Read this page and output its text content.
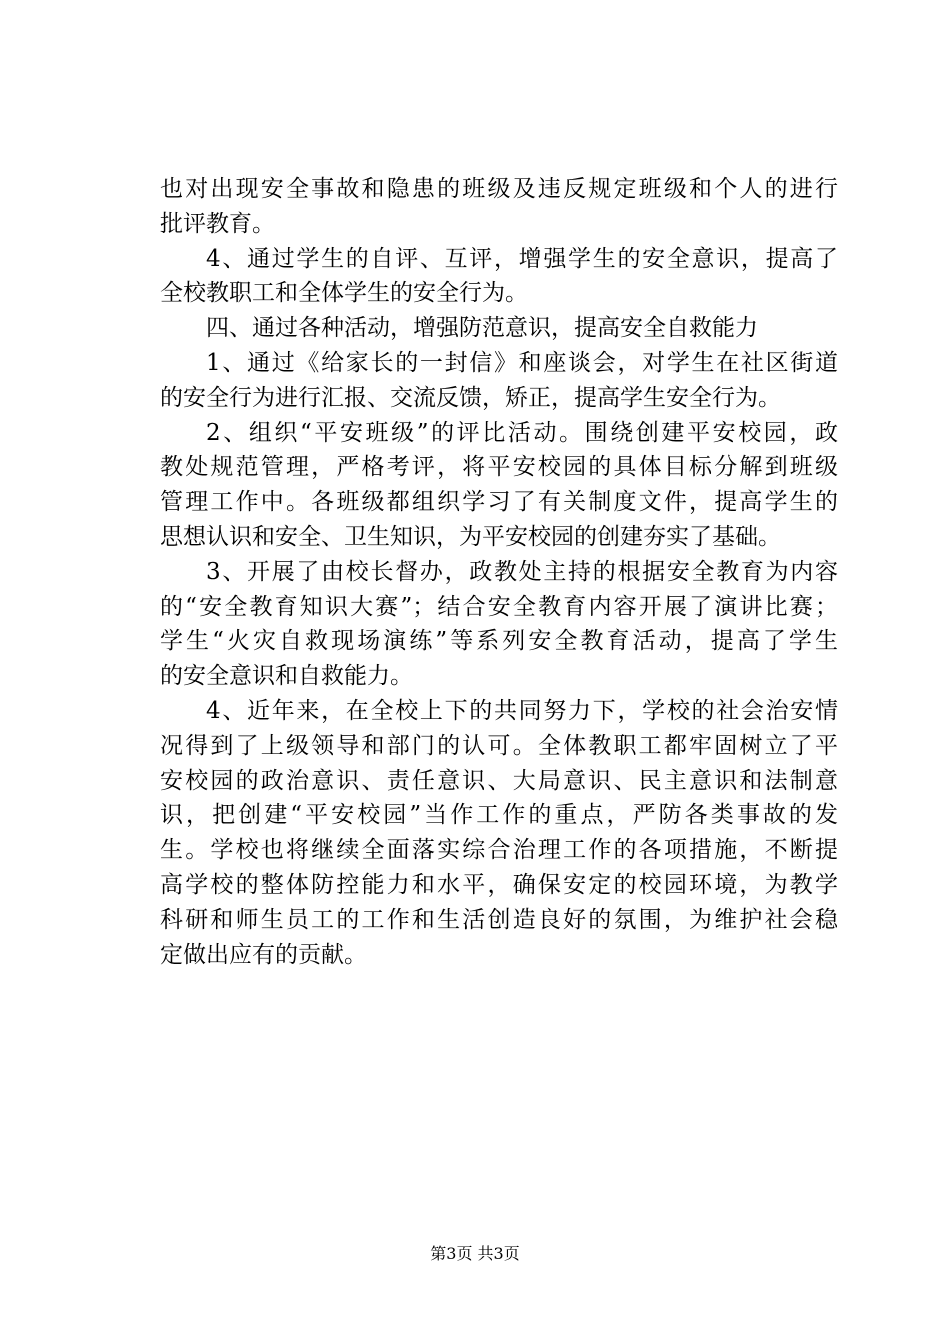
也对出现安全事故和隐患的班级及违反规定班级和个人的进行
批评教育。
4、通过学生的自评、互评，增强学生的安全意识，提高了
全校教职工和全体学生的安全行为。
四、通过各种活动，增强防范意识，提高安全自救能力
1、通过《给家长的一封信》和座谈会，对学生在社区街道
的安全行为进行汇报、交流反馈，矫正，提高学生安全行为。
2、组织“平安班级”的评比活动。围绕创建平安校园，政
教处规范管理，严格考评，将平安校园的具体目标分解到班级
管理工作中。各班级都组织学习了有关制度文件，提高学生的
思想认识和安全、卫生知识，为平安校园的创建夯实了基础。
3、开展了由校长督办，政教处主持的根据安全教育为内容
的“安全教育知识大赛”；结合安全教育内容开展了演讲比赛；
学生“火灾自救现场演练”等系列安全教育活动，提高了学生
的安全意识和自救能力。
4、近年来，在全校上下的共同努力下，学校的社会治安情
况得到了上级领导和部门的认可。全体教职工都牢固树立了平
安校园的政治意识、责任意识、大局意识、民主意识和法制意
识，把创建“平安校园”当作工作的重点，严防各类事故的发
生。学校也将继续全面落实综合治理工作的各项措施，不断提
高学校的整体防控能力和水平，确保安定的校园环境，为教学
科研和师生员工的工作和生活创造良好的氛围，为维护社会稳
定做出应有的贡献。
第3页 共3页
